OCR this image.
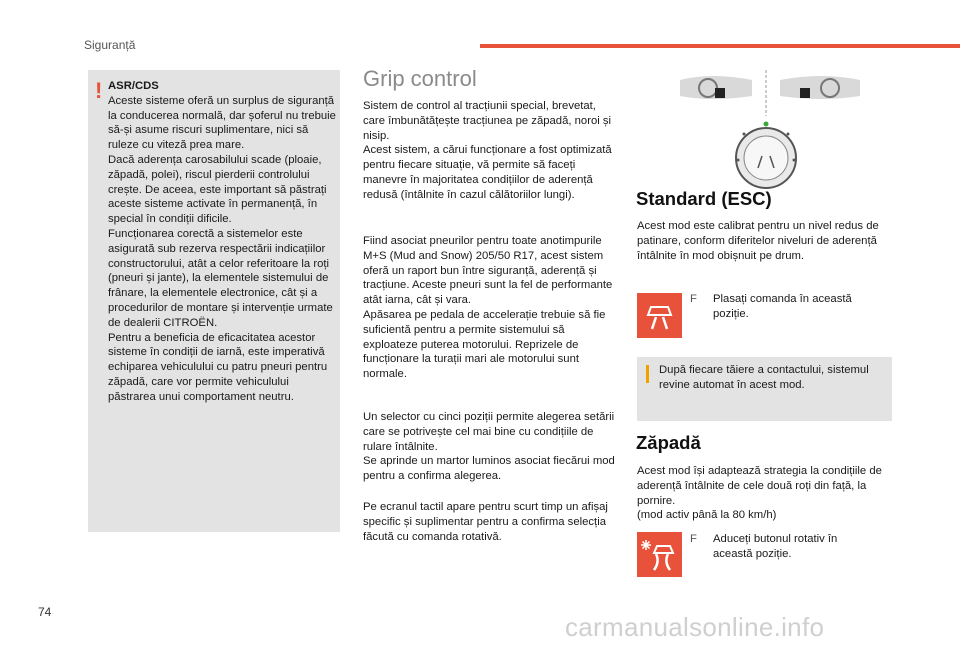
Siguranță
! ASR/CDS

Aceste sisteme oferă un surplus de siguranță la conducerea normală, dar șoferul nu trebuie să-și asume riscuri suplimentare, nici să ruleze cu viteză prea mare.

Dacă aderența carosabilului scade (ploaie, zăpadă, polei), riscul pierderii controlului crește. De aceea, este important să păstrați aceste sisteme activate în permanență, în special în condiții dificile.

Funcționarea corectă a sistemelor este asigurată sub rezerva respectării indicațiilor constructorului, atât a celor referitoare la roți (pneuri și jante), la elementele sistemului de frânare, la elementele electronice, cât și a procedurilor de montare și intervenție urmate de dealerii CITROËN.

Pentru a beneficia de eficacitatea acestor sisteme în condiții de iarnă, este imperativă echiparea vehiculului cu patru pneuri pentru zăpadă, care vor permite vehiculului păstrarea unui comportament neutru.

Grip control

Sistem de control al tracțiunii special, brevetat, care îmbunătățește tracțiunea pe zăpadă, noroi și nisip.

Acest sistem, a cărui funcționare a fost optimizată pentru fiecare situație, vă permite să faceți manevre în majoritatea condițiilor de aderență redusă (întâlnite în cazul călătoriilor lungi).

Fiind asociat pneurilor pentru toate anotimpurile M+S (Mud and Snow) 205/50 R17, acest sistem oferă un raport bun între siguranță, aderență și tracțiune. Aceste pneuri sunt la fel de performante atât iarna, cât și vara.

Apăsarea pe pedala de accelerație trebuie să fie suficientă pentru a permite sistemului să exploateze puterea motorului. Reprizele de funcționare la turații mari ale motorului sunt normale.

Un selector cu cinci poziții permite alegerea setării care se potrivește cel mai bine cu condițiile de rulare întâlnite.

Se aprinde un martor luminos asociat fiecărui mod pentru a confirma alegerea.

Pe ecranul tactil apare pentru scurt timp un afișaj specific și suplimentar pentru a confirma selecția făcută cu comanda rotativă.

Standard (ESC)
Acest mod este calibrat pentru un nivel redus de patinare, conform diferitelor niveluri de aderență întâlnite în mod obișnuit pe drum.
F Plasați comanda în această poziție.
După fiecare tăiere a contactului, sistemul revine automat în acest mod.
Zăpadă
Acest mod își adaptează strategia la condițiile de aderență întâlnite de cele două roți din față, la pornire.
(mod activ până la 80 km/h)
F Aduceți butonul rotativ în această poziție.
74	carmanualsonline.info
